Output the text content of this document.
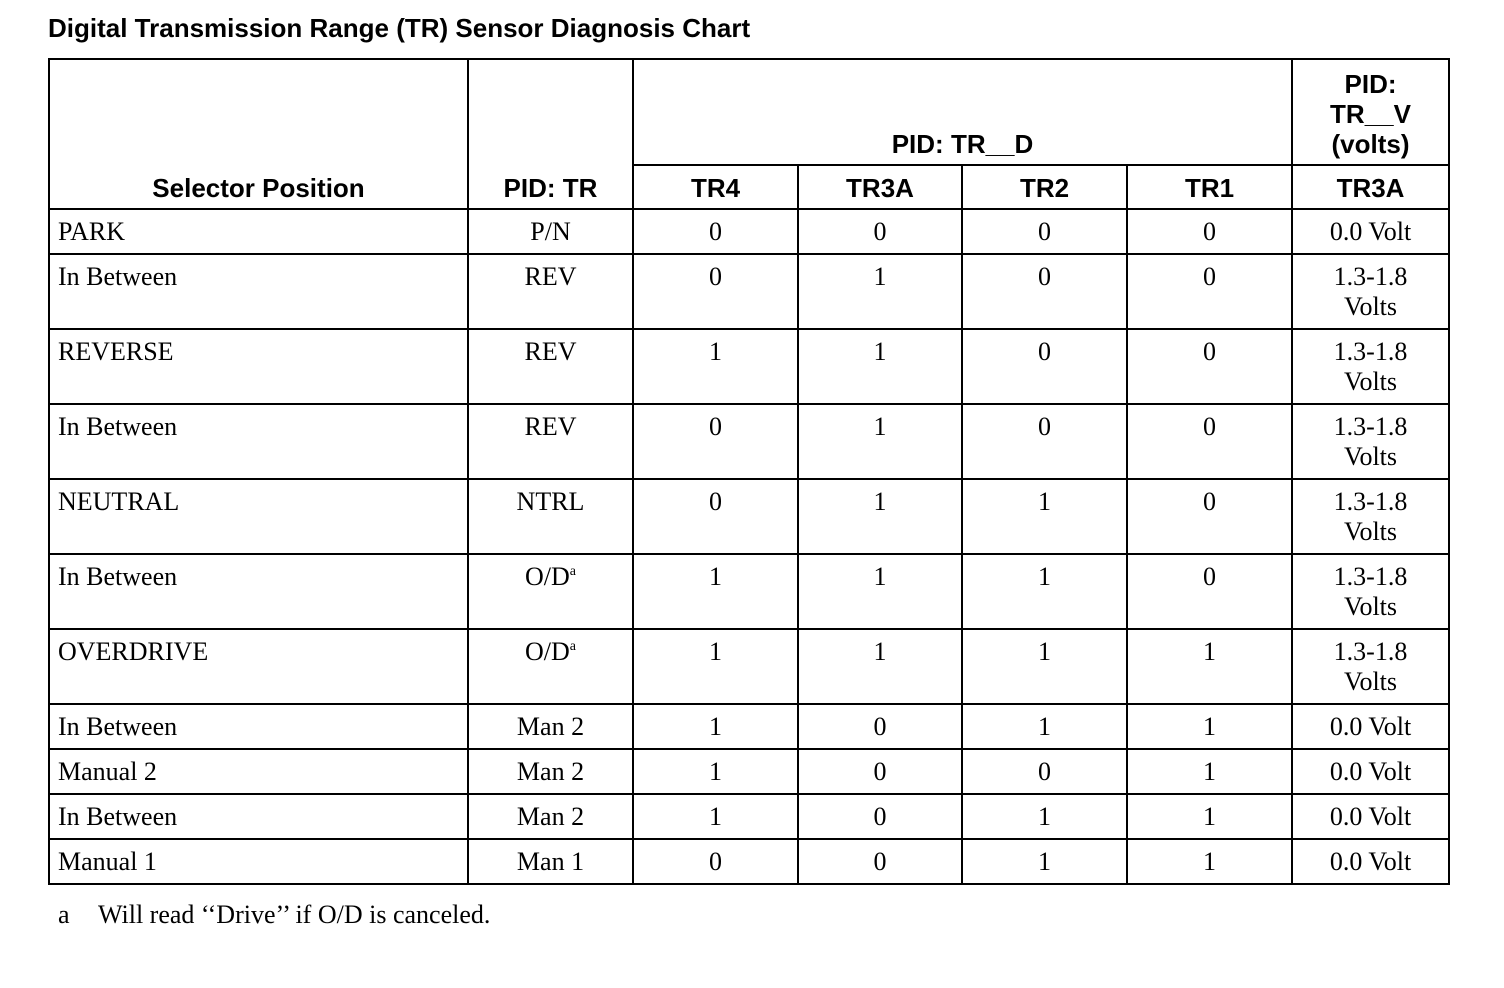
Digital Transmission Range (TR) Sensor Diagnosis Chart
Selector Position	PID: TR	PID: TR__D				PID:
TR__V
(volts)

		TR4	TR3A	TR2	TR1	TR3A
PARK	P/N	0	0	0	0	0.0 Volt

In Between	REV	0	1	0	0	1.3-1.8
Volts

REVERSE	REV	1	1	0	0	1.3-1.8
Volts

In Between	REV	0	1	0	0	1.3-1.8
Volts

NEUTRAL	NTRL	0	1	1	0	1.3-1.8
Volts

In Between	$O/D^a$	1	1	1	0	1.3-1.8
Volts

OVERDRIVE	$O/D^a$	1	1	1	1	1.3-1.8
Volts

In Between	Man 2	1	0	1	1	0.0 Volt

Manual 2	Man 2	1	0	0	1	0.0 Volt

In Between	Man 2	1	0	1	1	0.0 Volt

Manual 1	Man 1	0	0	1	1	0.0 Volt
a Will read ‘‘Drive’’ if O/D is canceled.
